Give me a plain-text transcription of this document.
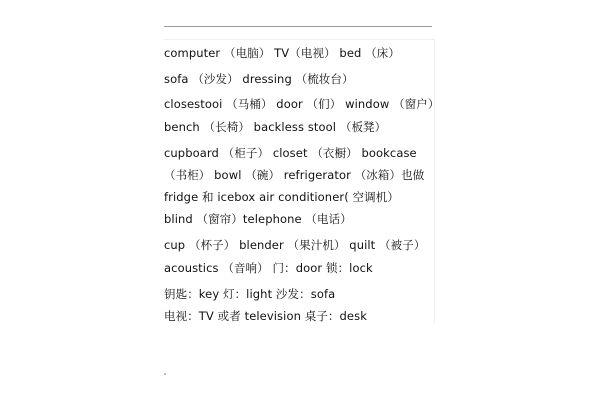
computer （电脑） TV（电视） bed （床）
sofa （沙发） dressing （梳妆台）
closestooi （马桶） door （们） window （窗户）
bench （长椅） backless stool （板凳）
cupboard （柜子） closet （衣橱） bookcase
（书柜） bowl （碗） refrigerator （冰箱）也做
fridge 和 icebox air conditioner( 空调机）
blind （窗帘）telephone （电话）
cup （杯子） blender （果汁机） quilt （被子）
acoustics （音响） 门：door 锁：lock
钥匙：key 灯：light 沙发：sofa
电视：TV 或者 television 桌子：desk
